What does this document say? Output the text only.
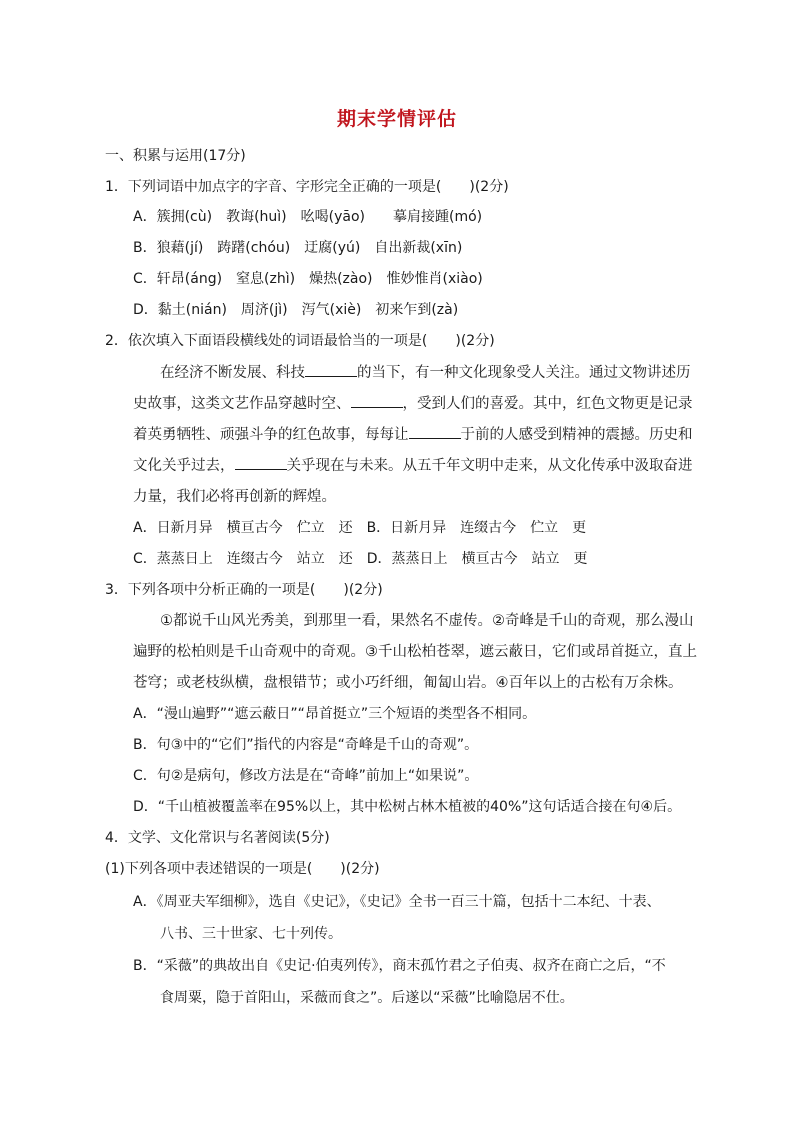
期末学情评估
一、积累与运用(17分)
1．下列词语中加点字的字音、字形完全正确的一项是(　　)(2分)
A．簇拥(cù)　教诲(huì)　吆喝(yāo)　　摹肩接踵(mó)
B．狼藉(jí)　踌躇(chóu)　迂腐(yú)　自出新裁(xīn)
C．轩昂(áng)　窒息(zhì)　燥热(zào)　惟妙惟肖(xiào)
D．黏土(nián)　周济(jì)　泻气(xiè)　初来乍到(zà)
2．依次填入下面语段横线处的词语最恰当的一项是(　　)(2分)
在经济不断发展、科技	的当下，有一种文化现象受人关注。通过文物讲述历
史故事，这类文艺作品穿越时空、	，受到人们的喜爱。其中，红色文物更是记录
着英勇牺牲、顽强斗争的红色故事，每每让	于前的人感受到精神的震撼。历史和
文化关乎过去，	关乎现在与未来。从五千年文明中走来，从文化传承中汲取奋进
力量，我们必将再创新的辉煌。
A．日新月异　横亘古今　伫立　还　B．日新月异　连缀古今　伫立　更
C．蒸蒸日上　连缀古今　站立　还　D．蒸蒸日上　横亘古今　站立　更
3．下列各项中分析正确的一项是(　　)(2分)
①都说千山风光秀美，到那里一看，果然名不虚传。②奇峰是千山的奇观，那么漫山
遍野的松柏则是千山奇观中的奇观。③千山松柏苍翠，遮云蔽日，它们或昂首挺立，直上
苍穹；或老枝纵横，盘根错节；或小巧纤细，匍匐山岩。④百年以上的古松有万余株。
A．“漫山遍野”“遮云蔽日”“昂首挺立”三个短语的类型各不相同。
B．句③中的“它们”指代的内容是“奇峰是千山的奇观”。
C．句②是病句，修改方法是在“奇峰”前加上“如果说”。
D．“千山植被覆盖率在95%以上，其中松树占林木植被的40%”这句话适合接在句④后。
4．文学、文化常识与名著阅读(5分)
(1)下列各项中表述错误的一项是(　　)(2分)
A．《周亚夫军细柳》，选自《史记》，《史记》全书一百三十篇，包括十二本纪、十表、
八书、三十世家、七十列传。
B．“采薇”的典故出自《史记·伯夷列传》，商末孤竹君之子伯夷、叔齐在商亡之后，“不
食周粟，隐于首阳山，采薇而食之”。后遂以“采薇”比喻隐居不仕。
